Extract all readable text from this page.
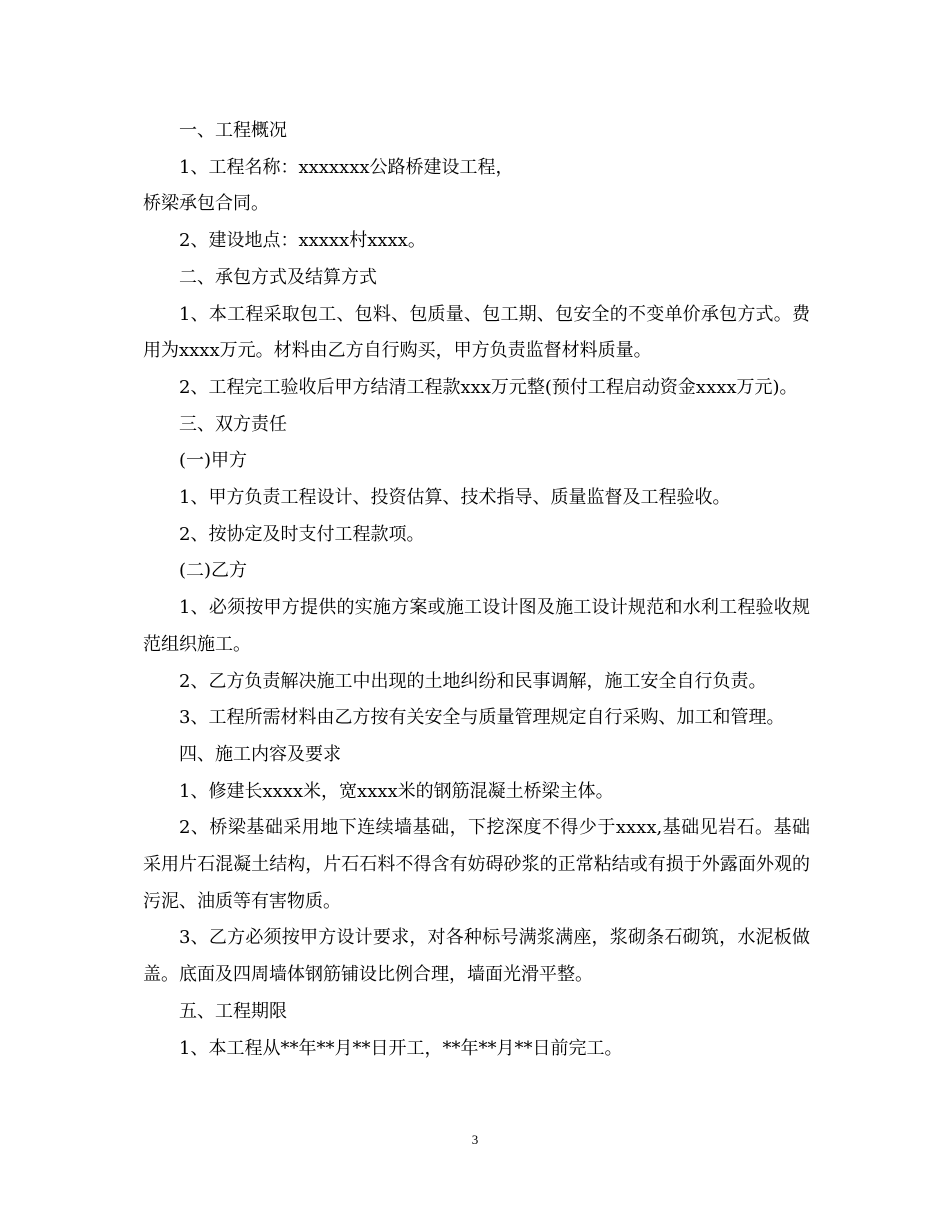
一、工程概况

1、工程名称：xxxxxxx公路桥建设工程，

桥梁承包合同。

2、建设地点：xxxxx村xxxx。

二、承包方式及结算方式

1、本工程采取包工、包料、包质量、包工期、包安全的不变单价承包方式。费用为xxxx万元。材料由乙方自行购买，甲方负责监督材料质量。

2、工程完工验收后甲方结清工程款xxx万元整(预付工程启动资金xxxx万元)。

三、双方责任

(一)甲方

1、甲方负责工程设计、投资估算、技术指导、质量监督及工程验收。

2、按协定及时支付工程款项。

(二)乙方

1、必须按甲方提供的实施方案或施工设计图及施工设计规范和水利工程验收规范组织施工。

2、乙方负责解决施工中出现的土地纠纷和民事调解，施工安全自行负责。

3、工程所需材料由乙方按有关安全与质量管理规定自行采购、加工和管理。

四、施工内容及要求

1、修建长xxxx米，宽xxxx米的钢筋混凝土桥梁主体。

2、桥梁基础采用地下连续墙基础，下挖深度不得少于xxxx,基础见岩石。基础采用片石混凝土结构，片石石料不得含有妨碍砂浆的正常粘结或有损于外露面外观的污泥、油质等有害物质。

3、乙方必须按甲方设计要求，对各种标号满浆满座，浆砌条石砌筑，水泥板做盖。底面及四周墙体钢筋铺设比例合理，墙面光滑平整。

五、工程期限

1、本工程从**年**月**日开工，**年**月**日前完工。

3
